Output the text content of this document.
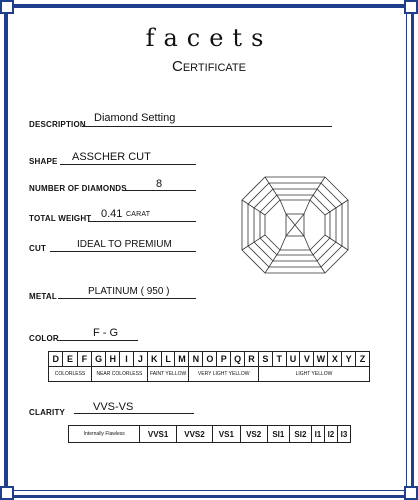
facets
Certificate
DESCRIPTION
Diamond Setting
SHAPE ASSCHER CUT
NUMBER OF DIAMONDS	8
TOTAL WEIGHT 0.41 CARAT
CUT	IDEAL TO PREMIUM
METAL	PLATINUM ( 950 )
COLOR	F - G
D	E	F	G	H	I	J	K	L	M	N	O	P	Q	R	S	T	U	V	W	X	Y	Z
COLORLESS			NEAR COLORLESS				FAINT YELLOW			VERY LIGHT YELLOW					LIGHT YELLOW							
CLARITY	VVS-VS
Internally Flawless	VVS1	VVS2	VS1	VS2	SI1	SI2	I1	I2	I3
